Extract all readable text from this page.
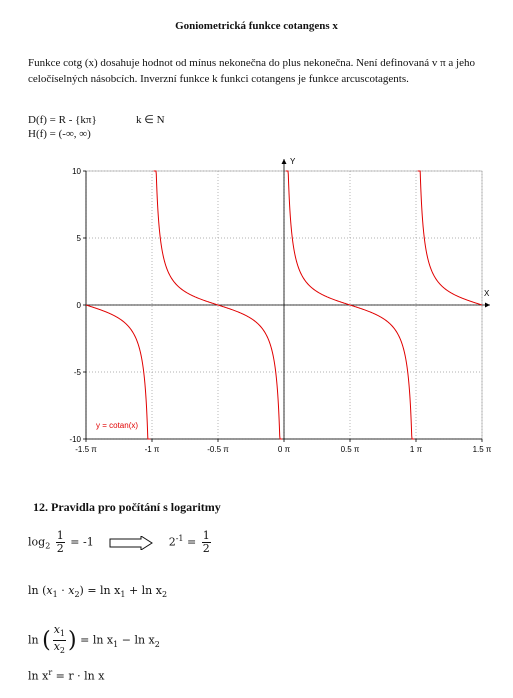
Goniometrická funkce cotangens x
Funkce cotg (x) dosahuje hodnot od mínus nekonečna do plus nekonečna. Není definovaná v π a jeho celočíselných násobcích. Inverzní funkce k funkci cotangens je funkce arcuscotagents.
D(f) = R - {kπ}	k ∈ N
H(f) = (-∞, ∞)
-1.5 π	-1 π	-0.5 π	0 π	0.5 π	1 π	1.5 π
10
5
0
-5
-10
y = cotan(x)
Y
X
12. Pravidla pro počítání s logaritmy
$\log_2 \frac{1}{2} = -1$	$2^{-1} = \frac{1}{2}$
$\ln (x_1 \cdot x_2) = \ln x_1 + \ln x_2$
ln ( $\frac{x_1}{x_2}$ ) = $\ln x_1 - \ln x_2$
$\ln x^r = r \cdot \ln x$
